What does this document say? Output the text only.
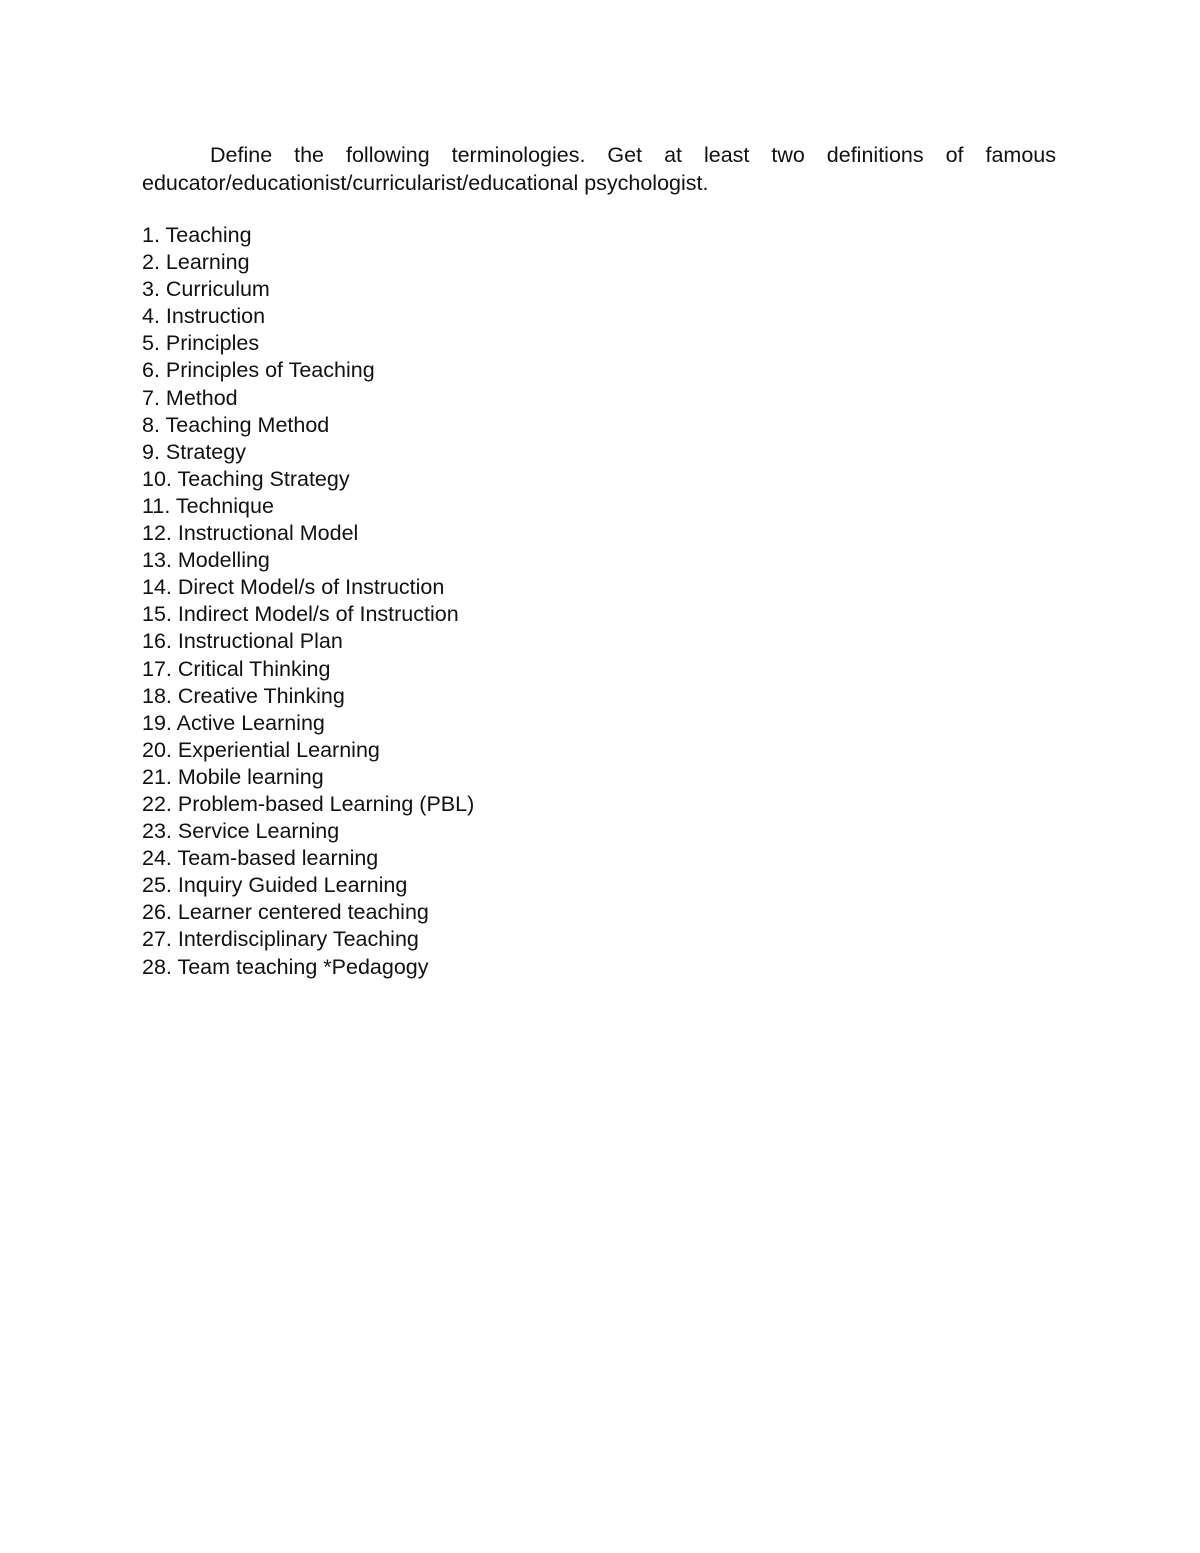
Define the following terminologies. Get at least two definitions of famous
educator/educationist/curricularist/educational psychologist.

1. Teaching
2. Learning
3. Curriculum
4. Instruction
5. Principles
6. Principles of Teaching
7. Method
8. Teaching Method
9. Strategy
10. Teaching Strategy
11. Technique
12. Instructional Model
13. Modelling
14. Direct Model/s of Instruction
15. Indirect Model/s of Instruction
16. Instructional Plan
17. Critical Thinking
18. Creative Thinking
19. Active Learning
20. Experiential Learning
21. Mobile learning
22. Problem-based Learning (PBL)
23. Service Learning
24. Team-based learning
25. Inquiry Guided Learning
26. Learner centered teaching
27. Interdisciplinary Teaching
28. Team teaching *Pedagogy
